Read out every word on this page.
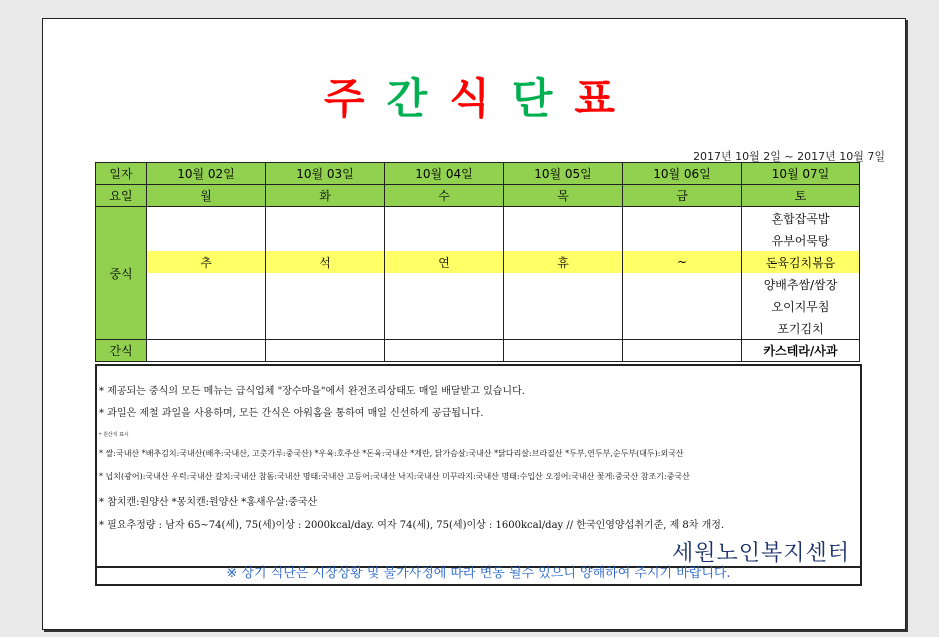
주 간 식 단 표
2017년 10월 2일 ~ 2017년 10월 7일
일자	10월 02일	10월 03일	10월 04일	10월 05일	10월 06일	10월 07일
요일	월	화	수	목	금	토
중식						혼합잡곡밥
						유부어묵탕
	추	석	연	휴	~	돈육김치볶음
						양배추쌈/쌈장
						오이지무침
						포기김치
간식						카스테라/사과
* 제공되는 중식의 모든 메뉴는 급식업체 "장수마을"에서 완전조리상태도 매일 배달받고 있습니다.
* 과일은 제철 과일을 사용하며, 모든 간식은 아워홈을 통하여 매일 신선하게 공급됩니다.
* 원산지 표시
* 쌀:국내산 *배추김치:국내산(배추:국내산, 고춧가루:중국산) *우육:호주산 *돈육:국내산 *계란, 닭가슴살:국내산 *닭다리살:브라질산 *두부,연두부,순두부(대두):외국산
* 넙치(광어):국내산 우럭:국내산 갈치:국내산 참돔:국내산 명태:국내산 고등어:국내산 낙지:국내산 미꾸라지:국내산 명태:수입산 오징어:국내산 꽃게:중국산 참조기:중국산
* 참치캔:원양산 *몽치캔:원양산 *홍새우살:중국산
* 필요추정량 : 남자 65~74(세), 75(세)이상 : 2000kcal/day. 여자 74(세), 75(세)이상 : 1600kcal/day // 한국인영양섭취기준, 제 8차 개정.
세원노인복지센터
※ 상기 식단은 시장상황 및 물가사정에 따라 변동 될수 있으니 양해하여 주시기 바랍니다.
